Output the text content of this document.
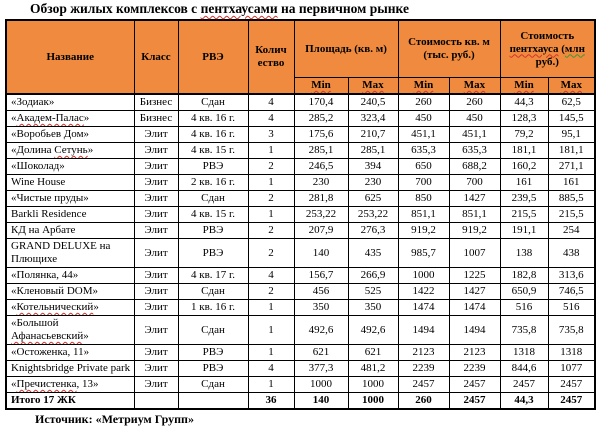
Обзор жилых комплексов с пентхаусами на первичном рынке
Название	Класс	РВЭ	Колич ество	Площадь (кв. м)		Стоимость кв. м (тыс. руб.)		Стоимость пентхауса (млн руб.)	
				Min	Max	Min	Max	Min	Max
«Зодиак»	Бизнес	Сдан	4	170,4	240,5	260	260	44,3	62,5
«Академ-Палас»	Бизнес	4 кв. 16 г.	4	285,2	323,4	450	450	128,3	145,5
«Воробьев Дом»	Элит	4 кв. 16 г.	3	175,6	210,7	451,1	451,1	79,2	95,1
«Долина Сетунь»	Элит	4 кв. 15 г.	1	285,1	285,1	635,3	635,3	181,1	181,1
«Шоколад»	Элит	РВЭ	2	246,5	394	650	688,2	160,2	271,1
Wine House	Элит	2 кв. 16 г.	1	230	230	700	700	161	161
«Чистые пруды»	Элит	Сдан	2	281,8	625	850	1427	239,5	885,5
Barkli Residence	Элит	4 кв. 15 г.	1	253,22	253,22	851,1	851,1	215,5	215,5
КД на Арбате	Элит	РВЭ	2	207,9	276,3	919,2	919,2	191,1	254
GRAND DELUXE на Плющихе	Элит	РВЭ	2	140	435	985,7	1007	138	438
«Полянка, 44»	Элит	4 кв. 17 г.	4	156,7	266,9	1000	1225	182,8	313,6
«Кленовый DOM»	Элит	Сдан	2	456	525	1422	1427	650,9	746,5
«Котельнический»	Элит	1 кв. 16 г.	1	350	350	1474	1474	516	516
«Большой Афанасьевский»	Элит	Сдан	1	492,6	492,6	1494	1494	735,8	735,8
«Остоженка, 11»	Элит	РВЭ	1	621	621	2123	2123	1318	1318
Knightsbridge Private park	Элит	РВЭ	4	377,3	481,2	2239	2239	844,6	1077
«Пречистенка, 13»	Элит	Сдан	1	1000	1000	2457	2457	2457	2457
Итого 17 ЖК			36	140	1000	260	2457	44,3	2457
Источник: «Метриум Групп»
